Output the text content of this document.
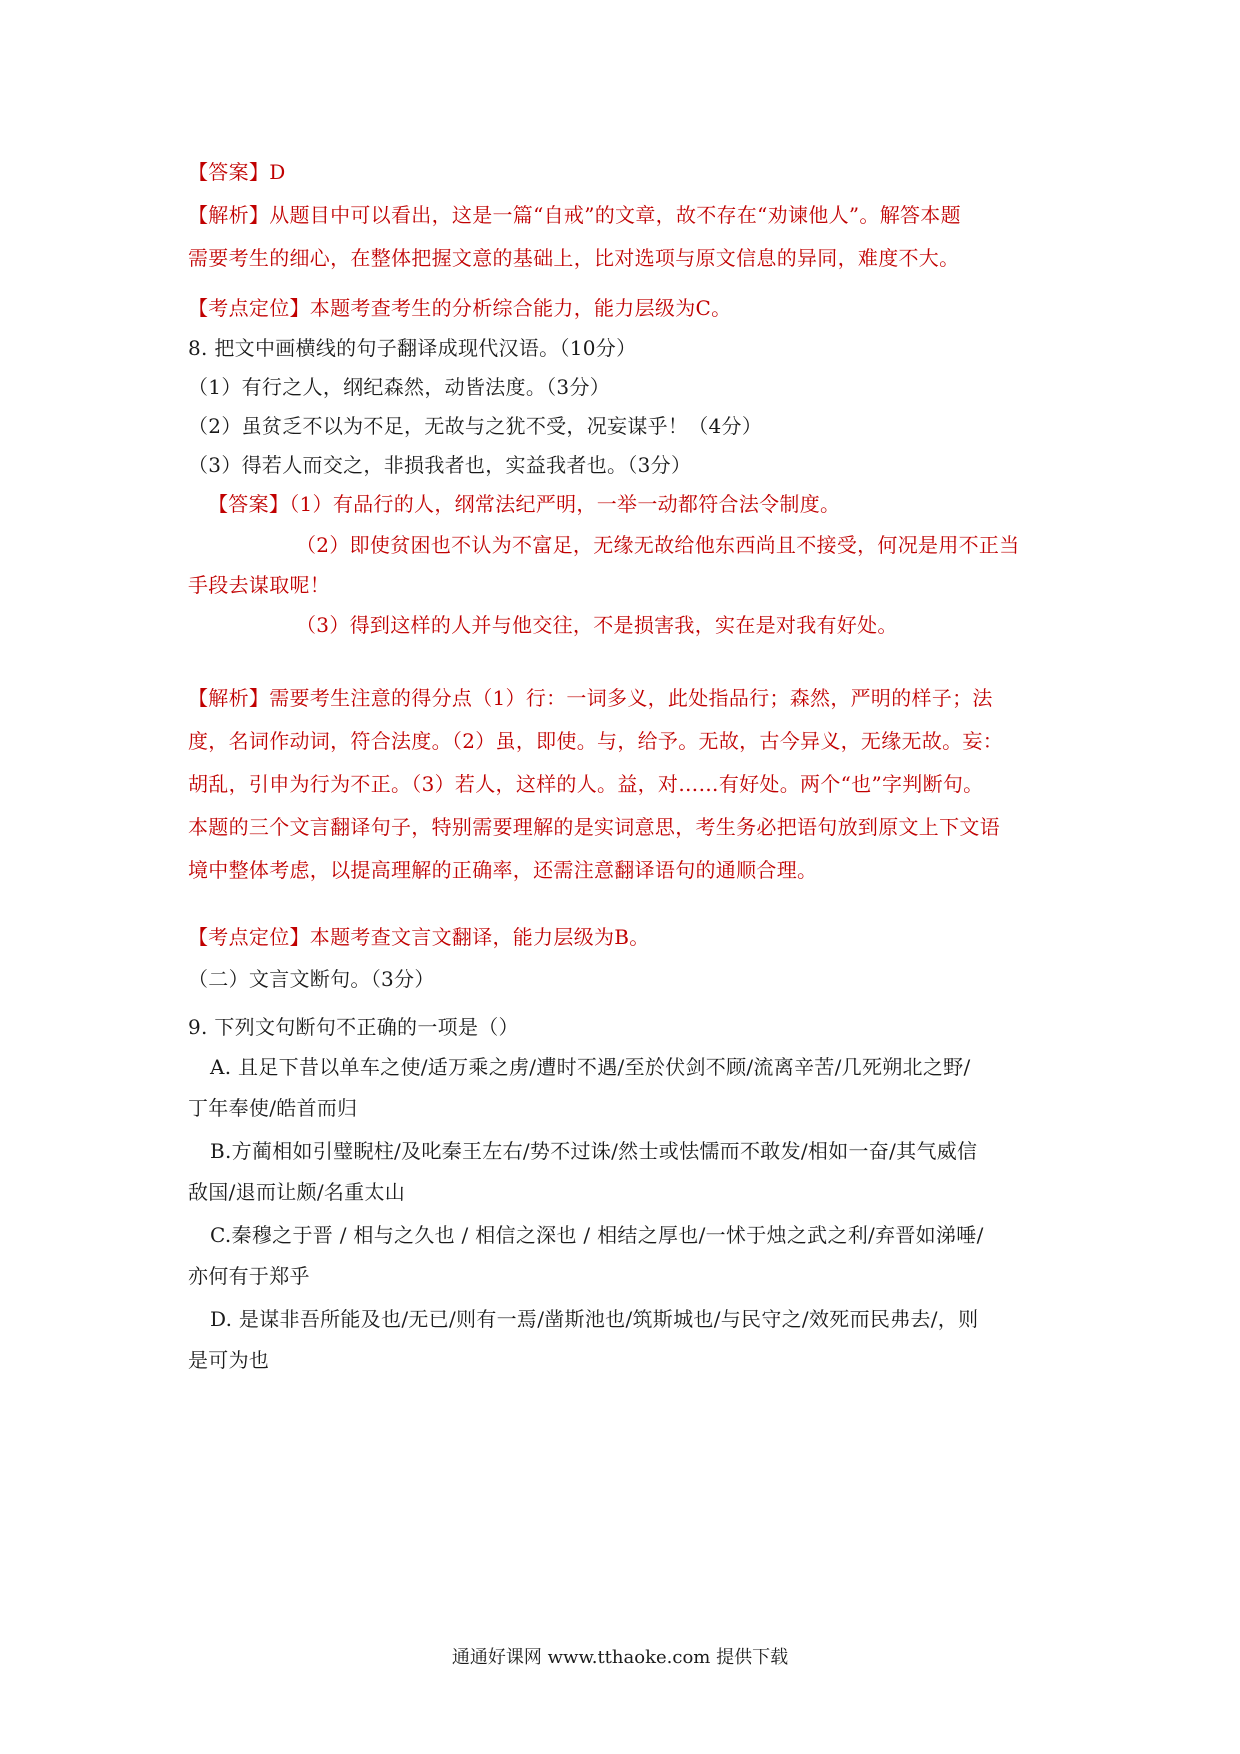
【答案】D
【解析】从题目中可以看出，这是一篇“自戒”的文章，故不存在“劝谏他人”。解答本题
需要考生的细心，在整体把握文意的基础上，比对选项与原文信息的异同，难度不大。
【考点定位】本题考查考生的分析综合能力，能力层级为C。
8. 把文中画横线的句子翻译成现代汉语。（10分）
（1）有行之人，纲纪森然，动皆法度。（3分）
（2）虽贫乏不以为不足，无故与之犹不受，况妄谋乎！（4分）
（3）得若人而交之，非损我者也，实益我者也。（3分）
【答案】（1）有品行的人，纲常法纪严明，一举一动都符合法令制度。
（2）即使贫困也不认为不富足，无缘无故给他东西尚且不接受，何况是用不正当
手段去谋取呢！
（3）得到这样的人并与他交往，不是损害我，实在是对我有好处。
【解析】需要考生注意的得分点（1）行：一词多义，此处指品行；森然，严明的样子；法
度，名词作动词，符合法度。（2）虽，即使。与，给予。无故，古今异义，无缘无故。妄：
胡乱，引申为行为不正。（3）若人，这样的人。益，对……有好处。两个“也”字判断句。
本题的三个文言翻译句子，特别需要理解的是实词意思，考生务必把语句放到原文上下文语
境中整体考虑，以提高理解的正确率，还需注意翻译语句的通顺合理。
【考点定位】本题考查文言文翻译，能力层级为B。
（二）文言文断句。（3分）
9. 下列文句断句不正确的一项是（）
A. 且足下昔以单车之使/适万乘之虏/遭时不遇/至於伏剑不顾/流离辛苦/几死朔北之野/
丁年奉使/皓首而归
B.方蔺相如引璧睨柱/及叱秦王左右/势不过诛/然士或怯懦而不敢发/相如一奋/其气威信
敌国/退而让颇/名重太山
C.秦穆之于晋 / 相与之久也 / 相信之深也 / 相结之厚也/一怵于烛之武之利/弃晋如涕唾/
亦何有于郑乎
D. 是谋非吾所能及也/无已/则有一焉/凿斯池也/筑斯城也/与民守之/效死而民弗去/，则
是可为也
通通好课网 www.tthaoke.com 提供下载
